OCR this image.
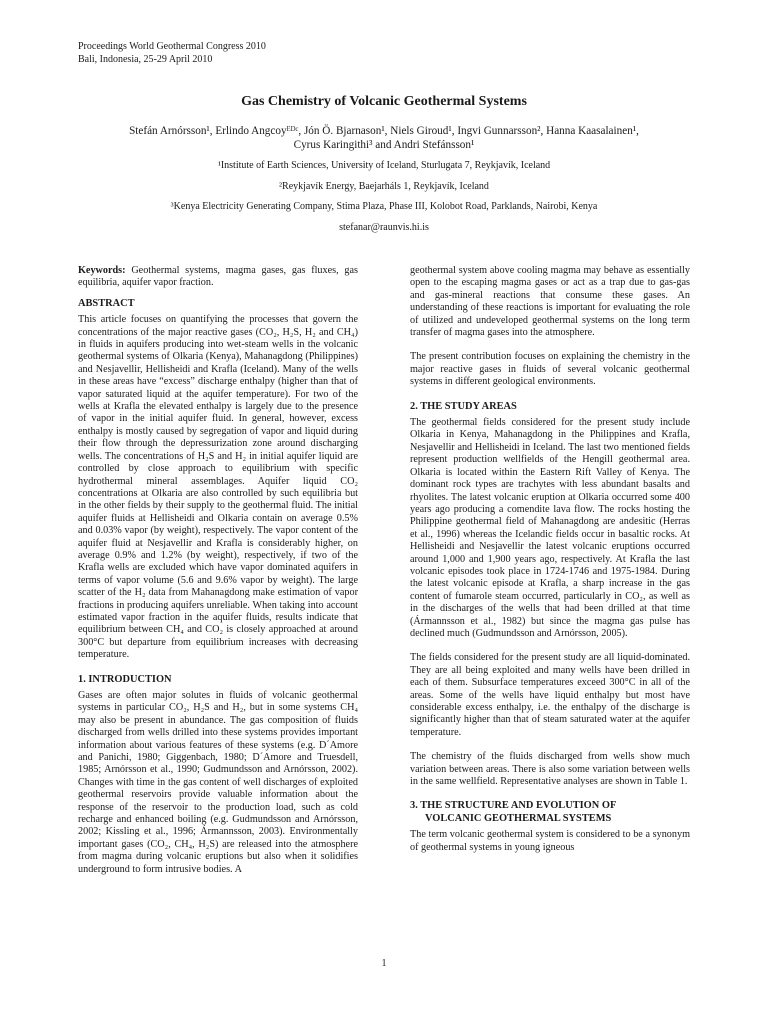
Proceedings World Geothermal Congress 2010
Bali, Indonesia, 25-29 April 2010
Gas Chemistry of Volcanic Geothermal Systems
Stefán Arnórsson¹, Erlindo Angcoyᴱᴰᶜ, Jón Ö. Bjarnason¹, Niels Giroud¹, Ingvi Gunnarsson², Hanna Kaasalainen¹,
Cyrus Karingithi³ and Andri Stefánsson¹
¹Institute of Earth Sciences, University of Iceland, Sturlugata 7, Reykjavík, Iceland
²Reykjavík Energy, Baejarháls 1, Reykjavík, Iceland
³Kenya Electricity Generating Company, Stima Plaza, Phase III, Kolobot Road, Parklands, Nairobi, Kenya
stefanar@raunvis.hi.is

Keywords: Geothermal systems, magma gases, gas fluxes, gas equilibria, aquifer vapor fraction.

ABSTRACT

This article focuses on quantifying the processes that govern the concentrations of the major reactive gases (CO₂, H₂S, H₂ and CH₄) in fluids in aquifers producing into wet-steam wells in the volcanic geothermal systems of Olkaria (Kenya), Mahanagdong (Philippines) and Nesjavellir, Hellisheidi and Krafla (Iceland). Many of the wells in these areas have “excess” discharge enthalpy (higher than that of vapor saturated liquid at the aquifer temperature). For two of the wells at Krafla the elevated enthalpy is largely due to the presence of vapor in the initial aquifer fluid. In general, however, excess enthalpy is mostly caused by segregation of vapor and liquid during their flow through the depressurization zone around discharging wells. The concentrations of H₂S and H₂ in initial aquifer liquid are controlled by close approach to equilibrium with specific hydrothermal mineral assemblages. Aquifer liquid CO₂ concentrations at Olkaria are also controlled by such equilibria but in the other fields by their supply to the geothermal fluid. The initial aquifer fluids at Hellisheidi and Olkaria contain on average 0.5% and 0.03% vapor (by weight), respectively. The vapor content of the aquifer fluid at Nesjavellir and Krafla is considerably higher, on average 0.9% and 1.2% (by weight), respectively, if two of the Krafla wells are excluded which have vapor dominated aquifers in terms of vapor volume (5.6 and 9.6% vapor by weight). The large scatter of the H₂ data from Mahanagdong make estimation of vapor fractions in producing aquifers unreliable. When taking into account estimated vapor fraction in the aquifer fluids, results indicate that equilibrium between CH₄ and CO₂ is closely approached at around 300°C but departure from equilibrium increases with decreasing temperature.

1. INTRODUCTION

Gases are often major solutes in fluids of volcanic geothermal systems in particular CO₂, H₂S and H₂, but in some systems CH₄ may also be present in abundance. The gas composition of fluids discharged from wells drilled into these systems provides important information about various features of these systems (e.g. D´Amore and Panichi, 1980; Giggenbach, 1980; D´Amore and Truesdell, 1985; Arnórsson et al., 1990; Gudmundsson and Arnórsson, 2002). Changes with time in the gas content of well discharges of exploited geothermal reservoirs provide valuable information about the response of the reservoir to the production load, such as cold recharge and enhanced boiling (e.g. Gudmundsson and Arnórsson, 2002; Kissling et al., 1996; Ármannsson, 2003). Environmentally important gases (CO₂, CH₄, H₂S) are released into the atmosphere from magma during volcanic eruptions but also when it solidifies underground to form intrusive bodies. A

geothermal system above cooling magma may behave as essentially open to the escaping magma gases or act as a trap due to gas-gas and gas-mineral reactions that consume these gases. An understanding of these reactions is important for evaluating the role of utilized and undeveloped geothermal systems on the long term transfer of magma gases into the atmosphere.

The present contribution focuses on explaining the chemistry in the major reactive gases in fluids of several volcanic geothermal systems in different geological environments.

2. THE STUDY AREAS

The geothermal fields considered for the present study include Olkaria in Kenya, Mahanagdong in the Philippines and Krafla, Nesjavellir and Hellisheidi in Iceland. The last two mentioned fields represent production wellfields of the Hengill geothermal area. Olkaria is located within the Eastern Rift Valley of Kenya. The dominant rock types are trachytes with less abundant basalts and rhyolites. The latest volcanic eruption at Olkaria occurred some 400 years ago producing a comendite lava flow. The rocks hosting the Philippine geothermal field of Mahanagdong are andesitic (Herras et al., 1996) whereas the Icelandic fields occur in basaltic rocks. At Hellisheidi and Nesjavellir the latest volcanic eruptions occurred around 1,000 and 1,900 years ago, respectively. At Krafla the last volcanic episodes took place in 1724-1746 and 1975-1984. During the latest volcanic episode at Krafla, a sharp increase in the gas content of fumarole steam occurred, particularly in CO₂, as well as in the discharges of the wells that had been drilled at that time (Ármannsson et al., 1982) but since the magma gas pulse has declined much (Gudmundsson and Arnórsson, 2005).

The fields considered for the present study are all liquid-dominated. They are all being exploited and many wells have been drilled in each of them. Subsurface temperatures exceed 300°C in all of the areas. Some of the wells have liquid enthalpy but most have considerable excess enthalpy, i.e. the enthalpy of the discharge is significantly higher than that of steam saturated water at the aquifer temperature.

The chemistry of the fluids discharged from wells show much variation between areas. There is also some variation between wells in the same wellfield. Representative analyses are shown in Table 1.

3. THE STRUCTURE AND EVOLUTION OF
VOLCANIC GEOTHERMAL SYSTEMS

The term volcanic geothermal system is considered to be a synonym of geothermal systems in young igneous

1
